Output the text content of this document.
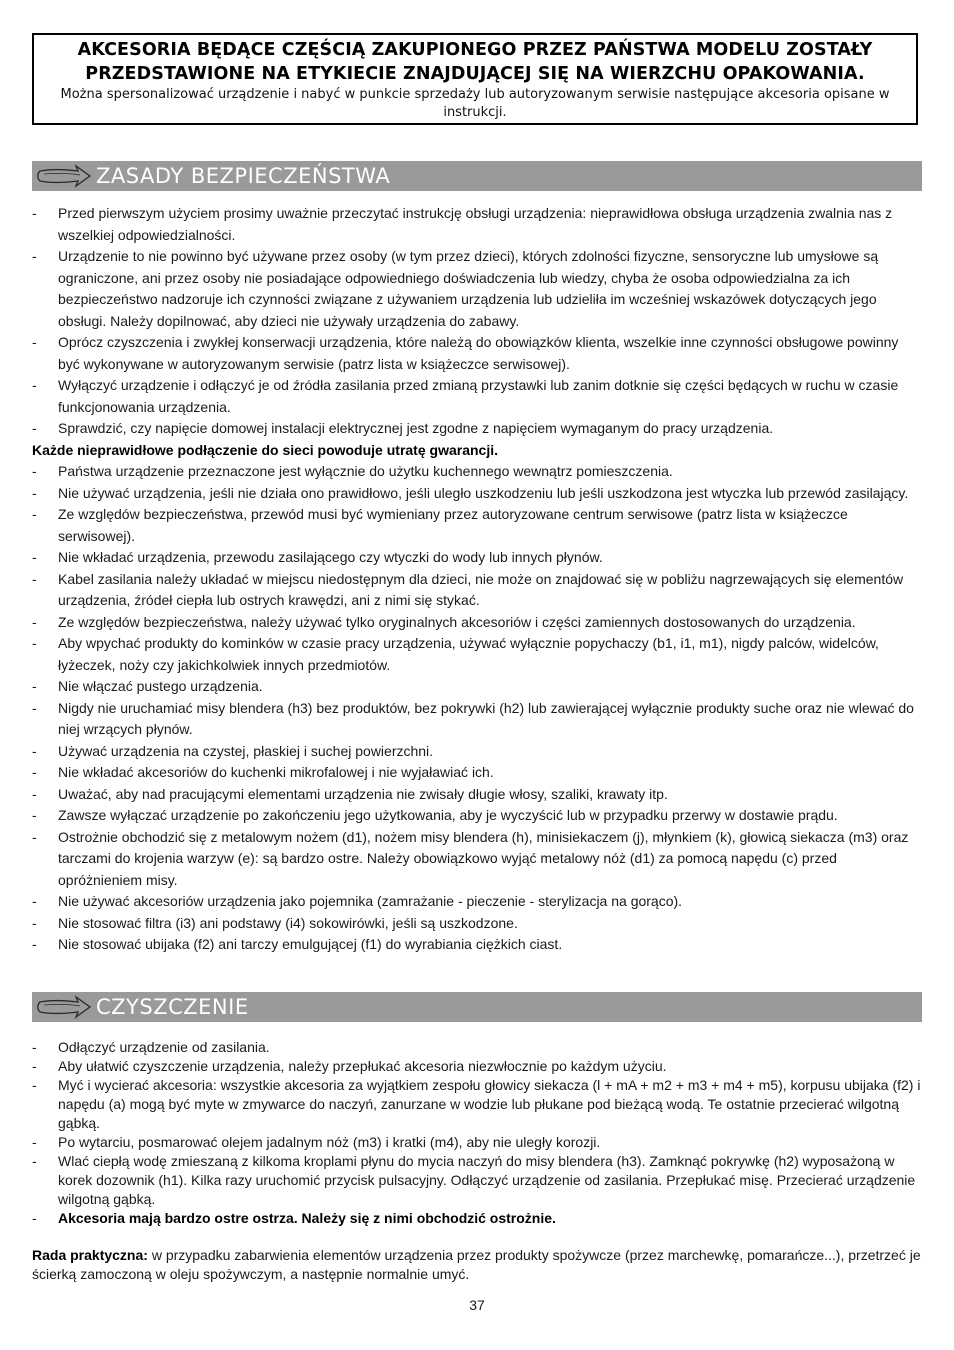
AKCESORIA BĘDĄCE CZĘŚCIĄ ZAKUPIONEGO PRZEZ PAŃSTWA MODELU ZOSTAŁY PRZEDSTAWIONE NA ETYKIECIE ZNAJDUJĄCEJ SIĘ NA WIERZCHU OPAKOWANIA.
Można spersonalizować urządzenie i nabyć w punkcie sprzedaży lub autoryzowanym serwisie następujące akcesoria opisane w instrukcji.
ZASADY BEZPIECZEŃSTWA
- Przed pierwszym użyciem prosimy uważnie przeczytać instrukcję obsługi urządzenia: nieprawidłowa obsługa urządzenia zwalnia nas z wszelkiej odpowiedzialności.
- Urządzenie to nie powinno być używane przez osoby (w tym przez dzieci), których zdolności fizyczne, sensoryczne lub umysłowe są ograniczone, ani przez osoby nie posiadające odpowiedniego doświadczenia lub wiedzy, chyba że osoba odpowiedzialna za ich bezpieczeństwo nadzoruje ich czynności związane z używaniem urządzenia lub udzieliła im wcześniej wskazówek dotyczących jego obsługi. Należy dopilnować, aby dzieci nie używały urządzenia do zabawy.
- Oprócz czyszczenia i zwykłej konserwacji urządzenia, które należą do obowiązków klienta, wszelkie inne czynności obsługowe powinny być wykonywane w autoryzowanym serwisie (patrz lista w książeczce serwisowej).
- Wyłączyć urządzenie i odłączyć je od źródła zasilania przed zmianą przystawki lub zanim dotknie się części będących w ruchu w czasie funkcjonowania urządzenia.
- Sprawdzić, czy napięcie domowej instalacji elektrycznej jest zgodne z napięciem wymaganym do pracy urządzenia.
Każde nieprawidłowe podłączenie do sieci powoduje utratę gwarancji.
- Państwa urządzenie przeznaczone jest wyłącznie do użytku kuchennego wewnątrz pomieszczenia.
- Nie używać urządzenia, jeśli nie działa ono prawidłowo, jeśli uległo uszkodzeniu lub jeśli uszkodzona jest wtyczka lub przewód zasilający.
- Ze względów bezpieczeństwa, przewód musi być wymieniany przez autoryzowane centrum serwisowe (patrz lista w książeczce serwisowej).
- Nie wkładać urządzenia, przewodu zasilającego czy wtyczki do wody lub innych płynów.
- Kabel zasilania należy układać w miejscu niedostępnym dla dzieci, nie może on znajdować się w pobliżu nagrzewających się elementów urządzenia, źródeł ciepła lub ostrych krawędzi, ani z nimi się stykać.
- Ze względów bezpieczeństwa, należy używać tylko oryginalnych akcesoriów i części zamiennych dostosowanych do urządzenia.
- Aby wpychać produkty do kominków w czasie pracy urządzenia, używać wyłącznie popychaczy (b1, i1, m1), nigdy palców, widelców, łyżeczek, noży czy jakichkolwiek innych przedmiotów.
- Nie włączać pustego urządzenia.
- Nigdy nie uruchamiać misy blendera (h3) bez produktów, bez pokrywki (h2) lub zawierającej wyłącznie produkty suche oraz nie wlewać do niej wrzących płynów.
- Używać urządzenia na czystej, płaskiej i suchej powierzchni.
- Nie wkładać akcesoriów do kuchenki mikrofalowej i nie wyjaławiać ich.
- Uważać, aby nad pracującymi elementami urządzenia nie zwisały długie włosy, szaliki, krawaty itp.
- Zawsze wyłączać urządzenie po zakończeniu jego użytkowania, aby je wyczyścić lub w przypadku przerwy w dostawie prądu.
- Ostrożnie obchodzić się z metalowym nożem (d1), nożem misy blendera (h), minisiekaczem (j), młynkiem (k), głowicą siekacza (m3) oraz tarczami do krojenia warzyw (e): są bardzo ostre. Należy obowiązkowo wyjąć metalowy nóż (d1) za pomocą napędu (c) przed opróżnieniem misy.
- Nie używać akcesoriów urządzenia jako pojemnika (zamrażanie - pieczenie - sterylizacja na gorąco).
- Nie stosować filtra (i3) ani podstawy (i4) sokowirówki, jeśli są uszkodzone.
- Nie stosować ubijaka (f2) ani tarczy emulgującej (f1) do wyrabiania ciężkich ciast.
CZYSZCZENIE
- Odłączyć urządzenie od zasilania.
- Aby ułatwić czyszczenie urządzenia, należy przepłukać akcesoria niezwłocznie po każdym użyciu.
- Myć i wycierać akcesoria: wszystkie akcesoria za wyjątkiem zespołu głowicy siekacza (l + mA + m2 + m3 + m4 + m5), korpusu ubijaka (f2) i napędu (a) mogą być myte w zmywarce do naczyń, zanurzane w wodzie lub płukane pod bieżącą wodą. Te ostatnie przecierać wilgotną gąbką.
- Po wytarciu, posmarować olejem jadalnym nóż (m3) i kratki (m4), aby nie uległy korozji.
- Wlać ciepłą wodę zmieszaną z kilkoma kroplami płynu do mycia naczyń do misy blendera (h3). Zamknąć pokrywkę (h2) wyposażoną w korek dozownik (h1). Kilka razy uruchomić przycisk pulsacyjny. Odłączyć urządzenie od zasilania. Przepłukać misę. Przecierać urządzenie wilgotną gąbką.
- Akcesoria mają bardzo ostre ostrza. Należy się z nimi obchodzić ostrożnie.
Rada praktyczna: w przypadku zabarwienia elementów urządzenia przez produkty spożywcze (przez marchewkę, pomarańcze...), przetrzeć je ścierką zamoczoną w oleju spożywczym, a następnie normalnie umyć.
37
